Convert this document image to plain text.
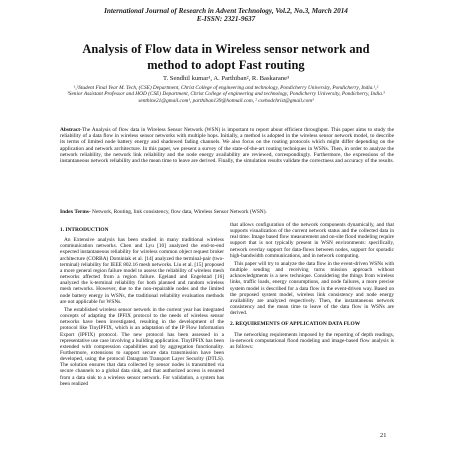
International Journal of Research in Advent Technology, Vol.2, No.3, March 2014
E-ISSN: 2321-9637
Analysis of Flow data in Wireless sensor network and
method to adopt Fast routing
T. Sendhil kumar¹, A. Parthiban², R. Baskarane³
¹,²Student Final Year M. Tech, (CSE) Department, Christ College of engineering and technology, Pondicherry University, Pondicherry, India.¹,²
³Senior Assistant Professor and HOD (CSE) Department, Christ College of engineering and technology, Pondicherry University, Pondicherry, India.³
senthine21@gmail.com¹, parthiban139@hotmail.com, ² csehodchrist@gmail.com³
Abstract-The Analysis of flow data in Wireless Sensor Network (WSN) is important to report about efficient throughput. This paper aims to study the reliability of a data flow in wireless sensor networks with multiple hops. Initially, a method is adopted in the wireless sensor network model, to describe its terms of limited node battery energy and shadowed fading channels. We also focus on the routing protocols which might differ depending on the application and network architecture. In this paper, we present a survey of the state-of-the-art routing techniques in WSNs. Then, in order to analyze the network reliability, the network link reliability and the node energy availability are reviewed, correspondingly. Furthermore, the expressions of the instantaneous network reliability and the mean time to leave are derived. Finally, the simulation results validate the correctness and accuracy of the results.
Index Terms- Network, Routing, link consistency, flow data, Wireless Sensor Network (WSN).
1. INTRODUCTION

An Extensive analysis has been studied in many traditional wireless communication networks. Chen and Lyu [10] analyzed the end-to-end expected instantaneous reliability for wireless common object request broker architecture (CORBA) Dominiak et al. [14] analyzed the terminal-pair (two-terminal) reliability for IEEE 802.16 mesh networks. Liu et al. [15] proposed a more general region failure model to assess the reliability of wireless mesh networks affected from a region failure. Egeland and Engelstad [16] analyzed the k-terminal reliability for both planned and random wireless mesh networks. However, due to the non-repairable nodes and the limited node battery energy in WSNs, the traditional reliability evaluation methods are not applicable for WSNs.

The established wireless sensor network in the current year has integrated concepts of adapting the IPFIX protocol to the needs of wireless sensor networks have been investigated, resulting in the development of the protocol like TinyIPFIX, which is an adaptation of the IP Flow Information Export (IPFIX) protocol. The new protocol has been assessed in a representative use case involving a building application. TinyIPFIX has been extended with compression capabilities and by aggregation functionality. Furthermore, extensions to support secure data transmission have been developed, using the protocol Datagram Transport Layer Security (DTLS). The solution ensures that data collected by sensor nodes is transmitted via secure channels to a global data sink, and that authorized access is ensured from a data sink to a wireless sensor network. For validation, a system has been realized

that allows configuration of the network components dynamically, and that supports visualization of the current network status and the collected data in real time. Image based flow measurement and on-site flood modeling require support that is not typically present in WSN environments: specifically, network overlay support for data-flows between nodes, support for sporadic high-bandwidth communications, and in network computing.

This paper will try to analyze the data flow in the event-driven WSNs with multiple sending and receiving turns mission approach without acknowledgments is a new technique. Considering the things from wireless links, traffic loads, energy consumptions, and node failures, a more precise system model is described for a data flow in the event-driven way. Based on the proposed system model, wireless link consistency and node energy availability are analyzed respectively. Then, the instantaneous network consistency and the mean time to leave of the data flow in WSNs are derived.

2. REQUIREMENTS OF APPLICATION DATA FLOW

The networking requirements imposed by the reporting of depth readings, in-network computational flood modeling and image-based flow analysis is as follows:

21
